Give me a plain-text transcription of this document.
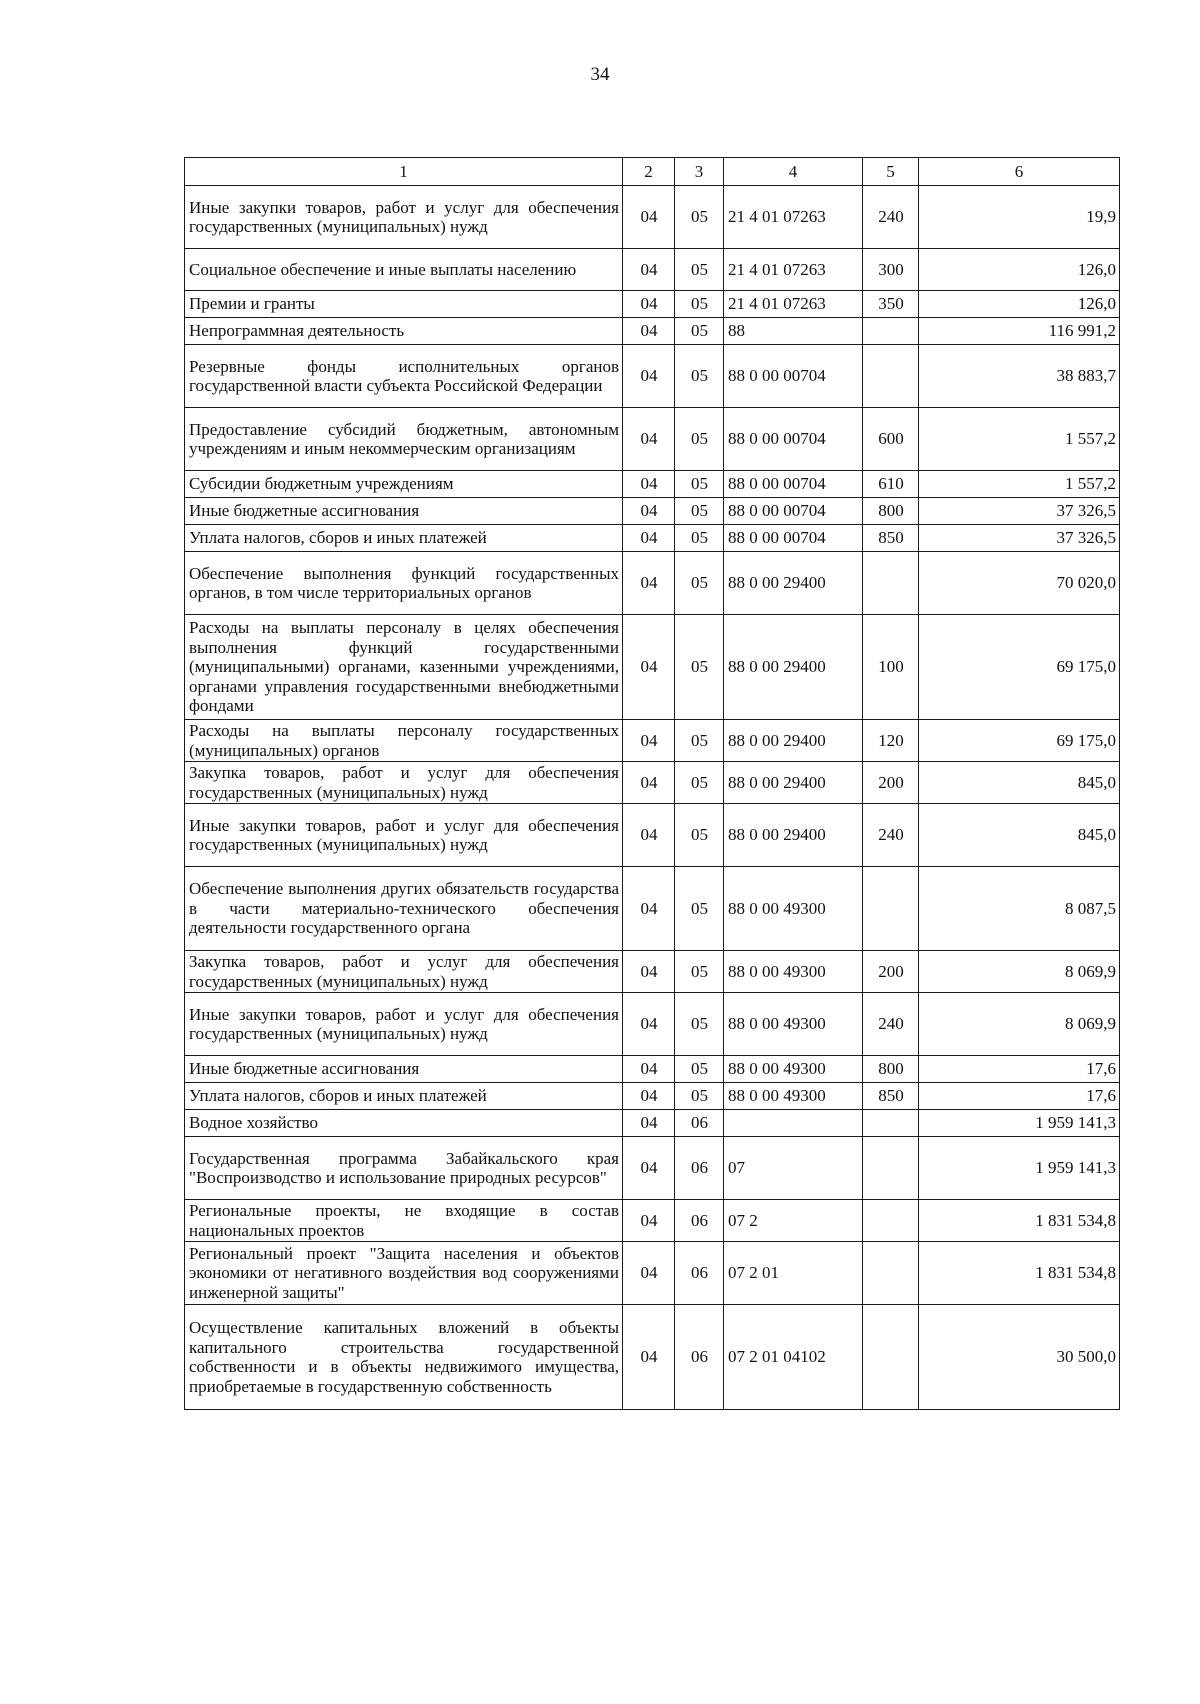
34
1	2	3	4	5	6
Иные закупки товаров, работ и услуг для обеспечения государственных (муниципальных) нужд	04	05	21 4 01 07263	240	19,9
Социальное обеспечение и иные выплаты населению	04	05	21 4 01 07263	300	126,0
Премии и гранты	04	05	21 4 01 07263	350	126,0
Непрограммная деятельность	04	05	88		116 991,2
Резервные фонды исполнительных органов государственной власти субъекта Российской Федерации	04	05	88 0 00 00704		38 883,7
Предоставление субсидий бюджетным, автономным учреждениям и иным некоммерческим организациям	04	05	88 0 00 00704	600	1 557,2
Субсидии бюджетным учреждениям	04	05	88 0 00 00704	610	1 557,2
Иные бюджетные ассигнования	04	05	88 0 00 00704	800	37 326,5
Уплата налогов, сборов и иных платежей	04	05	88 0 00 00704	850	37 326,5
Обеспечение выполнения функций государственных органов, в том числе территориальных органов	04	05	88 0 00 29400		70 020,0
Расходы на выплаты персоналу в целях обеспечения выполнения функций государственными (муниципальными) органами, казенными учреждениями, органами управления государственными внебюджетными фондами	04	05	88 0 00 29400	100	69 175,0
Расходы на выплаты персоналу государственных (муниципальных) органов	04	05	88 0 00 29400	120	69 175,0
Закупка товаров, работ и услуг для обеспечения государственных (муниципальных) нужд	04	05	88 0 00 29400	200	845,0
Иные закупки товаров, работ и услуг для обеспечения государственных (муниципальных) нужд	04	05	88 0 00 29400	240	845,0
Обеспечение выполнения других обязательств государства в части материально-технического обеспечения деятельности государственного органа	04	05	88 0 00 49300		8 087,5
Закупка товаров, работ и услуг для обеспечения государственных (муниципальных) нужд	04	05	88 0 00 49300	200	8 069,9
Иные закупки товаров, работ и услуг для обеспечения государственных (муниципальных) нужд	04	05	88 0 00 49300	240	8 069,9
Иные бюджетные ассигнования	04	05	88 0 00 49300	800	17,6
Уплата налогов, сборов и иных платежей	04	05	88 0 00 49300	850	17,6
Водное хозяйство	04	06			1 959 141,3
Государственная программа Забайкальского края "Воспроизводство и использование природных ресурсов"	04	06	07		1 959 141,3
Региональные проекты, не входящие в состав национальных проектов	04	06	07 2		1 831 534,8
Региональный проект "Защита населения и объектов экономики от негативного воздействия вод сооружениями инженерной защиты"	04	06	07 2 01		1 831 534,8
Осуществление капитальных вложений в объекты капитального строительства государственной собственности и в объекты недвижимого имущества, приобретаемые в государственную собственность	04	06	07 2 01 04102		30 500,0
